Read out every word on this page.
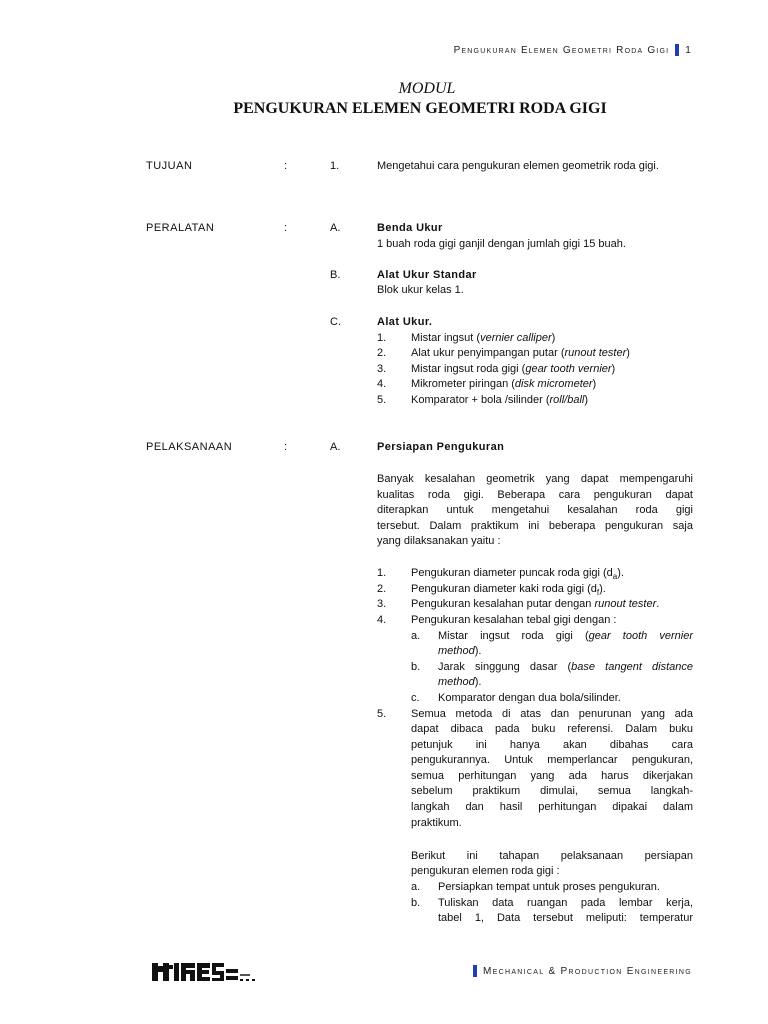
Pengukuran Elemen Geometri Roda Gigi 1
MODUL
PENGUKURAN ELEMEN GEOMETRI RODA GIGI
TUJUAN	:	1.	Mengetahui cara pengukuran elemen geometrik roda gigi.
PERALATAN	:	A.	Benda Ukur
1 buah roda gigi ganjil dengan jumlah gigi 15 buah.
B.	Alat Ukur Standar
Blok ukur kelas 1.
C.	Alat Ukur.
1. Mistar ingsut (vernier calliper)
2. Alat ukur penyimpangan putar (runout tester)
3. Mistar ingsut roda gigi (gear tooth vernier)
4. Mikrometer piringan (disk micrometer)
5. Komparator + bola /silinder (roll/ball)
PELAKSANAAN	:	A.	Persiapan Pengukuran
Banyak kesalahan geometrik yang dapat mempengaruhi
kualitas roda gigi. Beberapa cara pengukuran dapat
diterapkan untuk mengetahui kesalahan roda gigi
tersebut. Dalam praktikum ini beberapa pengukuran saja
yang dilaksanakan yaitu :
1. Pengukuran diameter puncak roda gigi $(d_a)$.
2. Pengukuran diameter kaki roda gigi $(d_f)$.
3. Pengukuran kesalahan putar dengan runout tester.
4. Pengukuran kesalahan tebal gigi dengan :
a. Mistar ingsut roda gigi (gear tooth vernier
method).
b. Jarak singgung dasar (base tangent distance
method).
c. Komparator dengan dua bola/silinder.
5. Semua metoda di atas dan penurunan yang ada
dapat dibaca pada buku referensi. Dalam buku
petunjuk ini hanya akan dibahas cara
pengukurannya. Untuk memperlancar pengukuran,
semua perhitungan yang ada harus dikerjakan
sebelum praktikum dimulai, semua langkah-
langkah dan hasil perhitungan dipakai dalam
praktikum.
Berikut ini tahapan pelaksanaan persiapan
pengukuran elemen roda gigi :
a. Persiapkan tempat untuk proses pengukuran.
b. Tuliskan data ruangan pada lembar kerja,
tabel 1, Data tersebut meliputi: temperatur
Mechanical & Production Engineering
